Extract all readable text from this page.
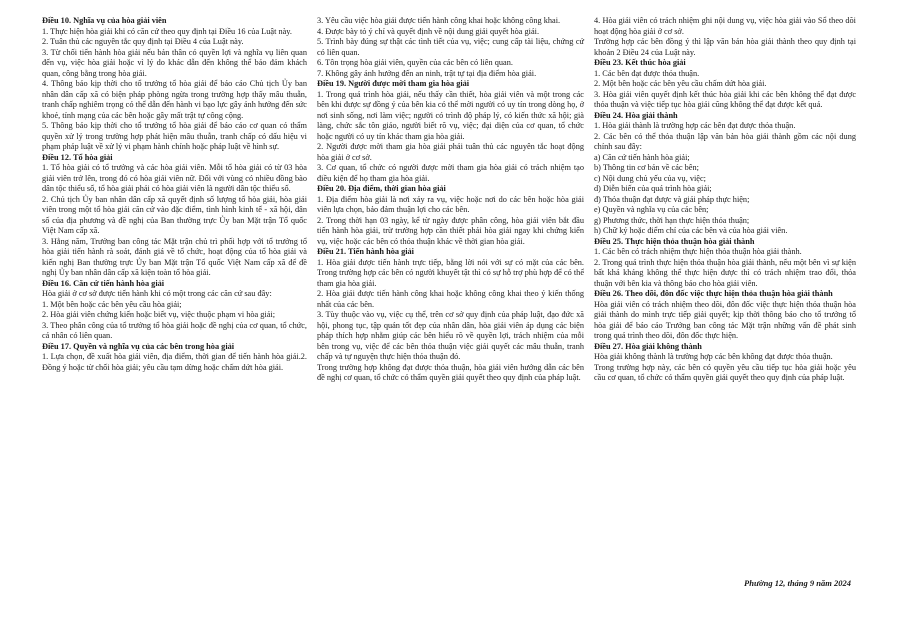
Điều 10. Nghĩa vụ của hòa giải viên

1. Thực hiện hòa giải khi có căn cứ theo quy định tại Điều 16 của Luật này.

2. Tuân thủ các nguyên tắc quy định tại Điều 4 của Luật này.

3. Từ chối tiến hành hòa giải nếu bản thân có quyền lợi và nghĩa vụ liên quan đến vụ, việc hòa giải hoặc vì lý do khác dẫn đến không thể bảo đảm khách quan, công bằng trong hòa giải.

4. Thông báo kịp thời cho tổ trưởng tổ hòa giải để báo cáo Chủ tịch Ủy ban nhân dân cấp xã có biện pháp phòng ngừa trong trường hợp thấy mâu thuẫn, tranh chấp nghiêm trọng có thể dẫn đến hành vi bạo lực gây ảnh hưởng đến sức khoẻ, tính mạng của các bên hoặc gây mất trật tự công cộng.

5. Thông báo kịp thời cho tổ trưởng tổ hòa giải để báo cáo cơ quan có thẩm quyền xử lý trong trường hợp phát hiện mâu thuẫn, tranh chấp có dấu hiệu vi phạm pháp luật về xử lý vi phạm hành chính hoặc pháp luật về hình sự.

Điều 12. Tổ hòa giải

1. Tổ hòa giải có tổ trưởng và các hòa giải viên. Mỗi tổ hòa giải có từ 03 hòa giải viên trở lên, trong đó có hòa giải viên nữ. Đối với vùng có nhiều đồng bào dân tộc thiểu số, tổ hòa giải phải có hòa giải viên là người dân tộc thiểu số.

2. Chủ tịch Ủy ban nhân dân cấp xã quyết định số lượng tổ hòa giải, hòa giải viên trong một tổ hòa giải căn cứ vào đặc điểm, tình hình kinh tế - xã hội, dân số của địa phương và đề nghị của Ban thường trực Ủy ban Mặt trận Tổ quốc Việt Nam cấp xã.

3. Hằng năm, Trưởng ban công tác Mặt trận chủ trì phối hợp với tổ trưởng tổ hòa giải tiến hành rà soát, đánh giá về tổ chức, hoạt động của tổ hòa giải và kiến nghị Ban thường trực Ủy ban Mặt trận Tổ quốc Việt Nam cấp xã để đề nghị Ủy ban nhân dân cấp xã kiện toàn tổ hòa giải.

Điều 16. Căn cứ tiến hành hòa giải

Hòa giải ở cơ sở được tiến hành khi có một trong các căn cứ sau đây:

1. Một bên hoặc các bên yêu cầu hòa giải;

2. Hòa giải viên chứng kiến hoặc biết vụ, việc thuộc phạm vi hòa giải;

3. Theo phân công của tổ trưởng tổ hòa giải hoặc đề nghị của cơ quan, tổ chức, cá nhân có liên quan.

Điều 17. Quyền và nghĩa vụ của các bên trong hòa giải

1. Lựa chọn, đề xuất hòa giải viên, địa điểm, thời gian để tiến hành hòa giải.2. Đồng ý hoặc từ chối hòa giải; yêu cầu tạm dừng hoặc chấm dứt hòa giải.

3. Yêu cầu việc hòa giải được tiến hành công khai hoặc không công khai.

4. Được bày tỏ ý chí và quyết định về nội dung giải quyết hòa giải.

5. Trình bày đúng sự thật các tình tiết của vụ, việc; cung cấp tài liệu, chứng cứ có liên quan.

6. Tôn trọng hòa giải viên, quyền của các bên có liên quan.

7. Không gây ảnh hưởng đến an ninh, trật tự tại địa điểm hòa giải.

Điều 19. Người được mời tham gia hòa giải

1. Trong quá trình hòa giải, nếu thấy cần thiết, hòa giải viên và một trong các bên khi được sự đồng ý của bên kia có thể mời người có uy tín trong dòng họ, ở nơi sinh sống, nơi làm việc; người có trình độ pháp lý, có kiến thức xã hội; già làng, chức sắc tôn giáo, người biết rõ vụ, việc; đại diện của cơ quan, tổ chức hoặc người có uy tín khác tham gia hòa giải.

2. Người được mời tham gia hòa giải phải tuân thủ các nguyên tắc hoạt động hòa giải ở cơ sở.

3. Cơ quan, tổ chức có người được mời tham gia hòa giải có trách nhiệm tạo điều kiện để họ tham gia hòa giải.

Điều 20. Địa điểm, thời gian hòa giải

1. Địa điểm hòa giải là nơi xảy ra vụ, việc hoặc nơi do các bên hoặc hòa giải viên lựa chọn, bảo đảm thuận lợi cho các bên.

2. Trong thời hạn 03 ngày, kể từ ngày được phân công, hòa giải viên bắt đầu tiến hành hòa giải, trừ trường hợp cần thiết phải hòa giải ngay khi chứng kiến vụ, việc hoặc các bên có thỏa thuận khác về thời gian hòa giải.

Điều 21. Tiến hành hòa giải

1. Hòa giải được tiến hành trực tiếp, bằng lời nói với sự có mặt của các bên. Trong trường hợp các bên có người khuyết tật thì có sự hỗ trợ phù hợp để có thể tham gia hòa giải.

2. Hòa giải được tiến hành công khai hoặc không công khai theo ý kiến thống nhất của các bên.

3. Tùy thuộc vào vụ, việc cụ thể, trên cơ sở quy định của pháp luật, đạo đức xã hội, phong tục, tập quán tốt đẹp của nhân dân, hòa giải viên áp dụng các biện pháp thích hợp nhằm giúp các bên hiểu rõ về quyền lợi, trách nhiệm của mỗi bên trong vụ, việc để các bên thỏa thuận việc giải quyết các mâu thuẫn, tranh chấp và tự nguyện thực hiện thỏa thuận đó.

Trong trường hợp không đạt được thỏa thuận, hòa giải viên hướng dẫn các bên đề nghị cơ quan, tổ chức có thẩm quyền giải quyết theo quy định của pháp luật.

4. Hòa giải viên có trách nhiệm ghi nội dung vụ, việc hòa giải vào Sổ theo dõi hoạt động hòa giải ở cơ sở.

Trường hợp các bên đồng ý thì lập văn bản hòa giải thành theo quy định tại khoản 2 Điều 24 của Luật này.

Điều 23. Kết thúc hòa giải

1. Các bên đạt được thỏa thuận.

2. Một bên hoặc các bên yêu cầu chấm dứt hòa giải.

3. Hòa giải viên quyết định kết thúc hòa giải khi các bên không thể đạt được thỏa thuận và việc tiếp tục hòa giải cũng không thể đạt được kết quả.

Điều 24. Hòa giải thành

1. Hòa giải thành là trường hợp các bên đạt được thỏa thuận.

2. Các bên có thể thỏa thuận lập văn bản hòa giải thành gồm các nội dung chính sau đây:

a) Căn cứ tiến hành hòa giải;

b) Thông tin cơ bản về các bên;

c) Nội dung chủ yếu của vụ, việc;

d) Diễn biến của quá trình hòa giải;

đ) Thỏa thuận đạt được và giải pháp thực hiện;

e) Quyền và nghĩa vụ của các bên;

g) Phương thức, thời hạn thực hiện thỏa thuận;

h) Chữ ký hoặc điểm chỉ của các bên và của hòa giải viên.

Điều 25. Thực hiện thỏa thuận hòa giải thành

1. Các bên có trách nhiệm thực hiện thỏa thuận hòa giải thành.

2. Trong quá trình thực hiện thỏa thuận hòa giải thành, nếu một bên vì sự kiện bất khả kháng không thể thực hiện được thì có trách nhiệm trao đổi, thỏa thuận với bên kia và thông báo cho hòa giải viên.

Điều 26. Theo dõi, đôn đốc việc thực hiện thỏa thuận hòa giải thành

Hòa giải viên có trách nhiệm theo dõi, đôn đốc việc thực hiện thỏa thuận hòa giải thành do mình trực tiếp giải quyết; kịp thời thông báo cho tổ trưởng tổ hòa giải để báo cáo Trưởng ban công tác Mặt trận những vấn đề phát sinh trong quá trình theo dõi, đôn đốc thực hiện.

Điều 27. Hòa giải không thành

Hòa giải không thành là trường hợp các bên không đạt được thỏa thuận.

Trong trường hợp này, các bên có quyền yêu cầu tiếp tục hòa giải hoặc yêu cầu cơ quan, tổ chức có thẩm quyền giải quyết theo quy định của pháp luật.

Phường 12, tháng 9 năm 2024
